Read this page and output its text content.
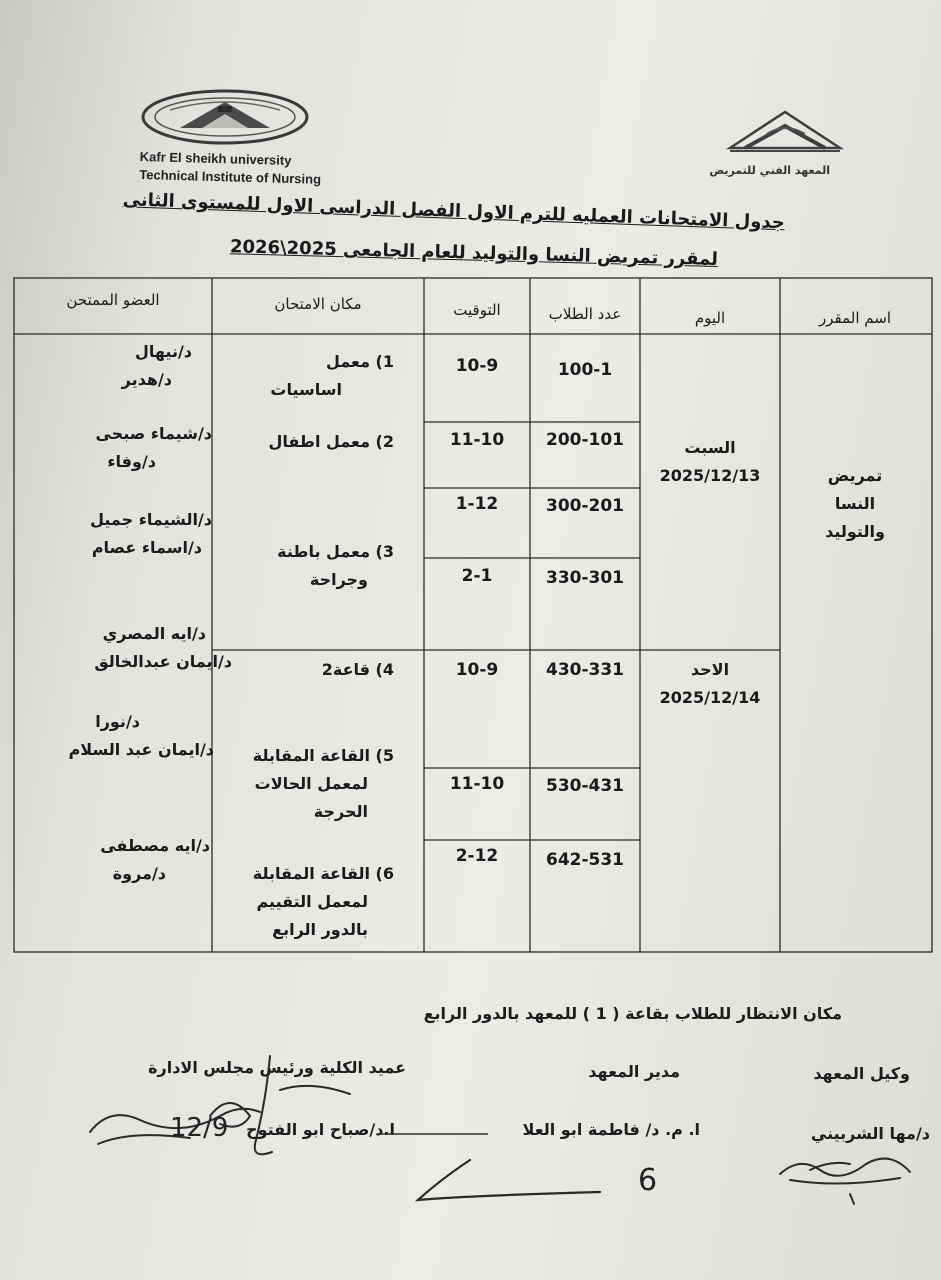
Kafr El sheikh university
Technical Institute of Nursing	المعهد الفني للتمريض
جدول الامتحانات العمليه للترم الاول الفصل الدراسى الاول للمستوى الثانى
لمقرر تمريض النسا والتوليد للعام الجامعى 2025\2026
اسم المقرر
اليوم
عدد الطلاب
التوقيت
مكان الامتحان
العضو الممتحن
تمريض
النسا
والتوليد
السبت
2025/12/13
الاحد
2025/12/14
100-1
10-9
200-101
11-10
300-201
1-12
330-301
2-1
430-331
10-9
530-431
11-10
642-531
2-12
1) معمل
اساسيات
2) معمل اطفال
3) معمل باطنة
وجراحة
4) قاعة2
5) القاعة المقابلة
لمعمل الحالات
الحرجة
6) القاعة المقابلة
لمعمل التقييم
بالدور الرابع
د/نيهال
د/هدير
د/شيماء صبحى
د/وفاء
د/الشيماء جميل
د/اسماء عصام
د/ايه المصري
د/ايمان عبدالخالق
د/نورا
د/ايمان عبد السلام
د/ايه مصطفى
د/مروة
مكان الانتظار للطلاب بقاعة ( 1 ) للمعهد بالدور الرابع
وكيل المعهد
مدير المعهد
عميد الكلية ورئيس مجلس الادارة
د/مها الشربيني
ا. م. د/ فاطمة ابو العلا
ا.د/صباح ابو الفتوح
12/9
6
